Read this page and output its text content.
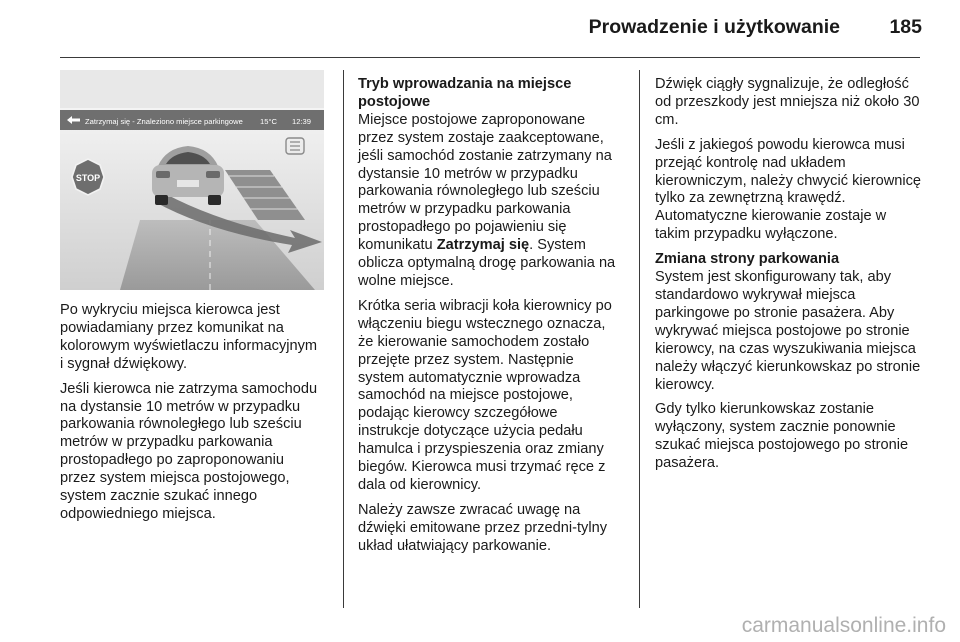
Prowadzenie i użytkowanie	185
Zatrzymaj się - Znaleziono miejsce parkingowe 15°C 12:39
STOP

Po wykryciu miejsca kierowca jest powiadamiany przez komunikat na kolorowym wyświetlaczu informacyjnym i sygnał dźwiękowy.

Jeśli kierowca nie zatrzyma samochodu na dystansie 10 metrów w przypadku parkowania równoległego lub sześciu metrów w przypadku parkowania prostopadłego po zaproponowaniu przez system miejsca postojowego, system zacznie szukać innego odpowiedniego miejsca.

Tryb wprowadzania na miejsce postojowe

Miejsce postojowe zaproponowane przez system zostaje zaakceptowane, jeśli samochód zostanie zatrzymany na dystansie 10 metrów w przypadku parkowania równoległego lub sześciu metrów w przypadku parkowania prostopadłego po pojawieniu się komunikatu Zatrzymaj się. System oblicza optymalną drogę parkowania na wolne miejsce.

Krótka seria wibracji koła kierownicy po włączeniu biegu wstecznego oznacza, że kierowanie samochodem zostało przejęte przez system. Następnie system automatycznie wprowadza samochód na miejsce postojowe, podając kierowcy szczegółowe instrukcje dotyczące użycia pedału hamulca i przyspieszenia oraz zmiany biegów. Kierowca musi trzymać ręce z dala od kierownicy.

Należy zawsze zwracać uwagę na dźwięki emitowane przez przedni-tylny układ ułatwiający parkowanie.

Dźwięk ciągły sygnalizuje, że odległość od przeszkody jest mniejsza niż około 30 cm.

Jeśli z jakiegoś powodu kierowca musi przejąć kontrolę nad układem kierowniczym, należy chwycić kierownicę tylko za zewnętrzną krawędź. Automatyczne kierowanie zostaje w takim przypadku wyłączone.

Zmiana strony parkowania

System jest skonfigurowany tak, aby standardowo wykrywał miejsca parkingowe po stronie pasażera. Aby wykrywać miejsca postojowe po stronie kierowcy, na czas wyszukiwania miejsca należy włączyć kierunkowskaz po stronie kierowcy.

Gdy tylko kierunkowskaz zostanie wyłączony, system zacznie ponownie szukać miejsca postojowego po stronie pasażera.

carmanualsonline.info
